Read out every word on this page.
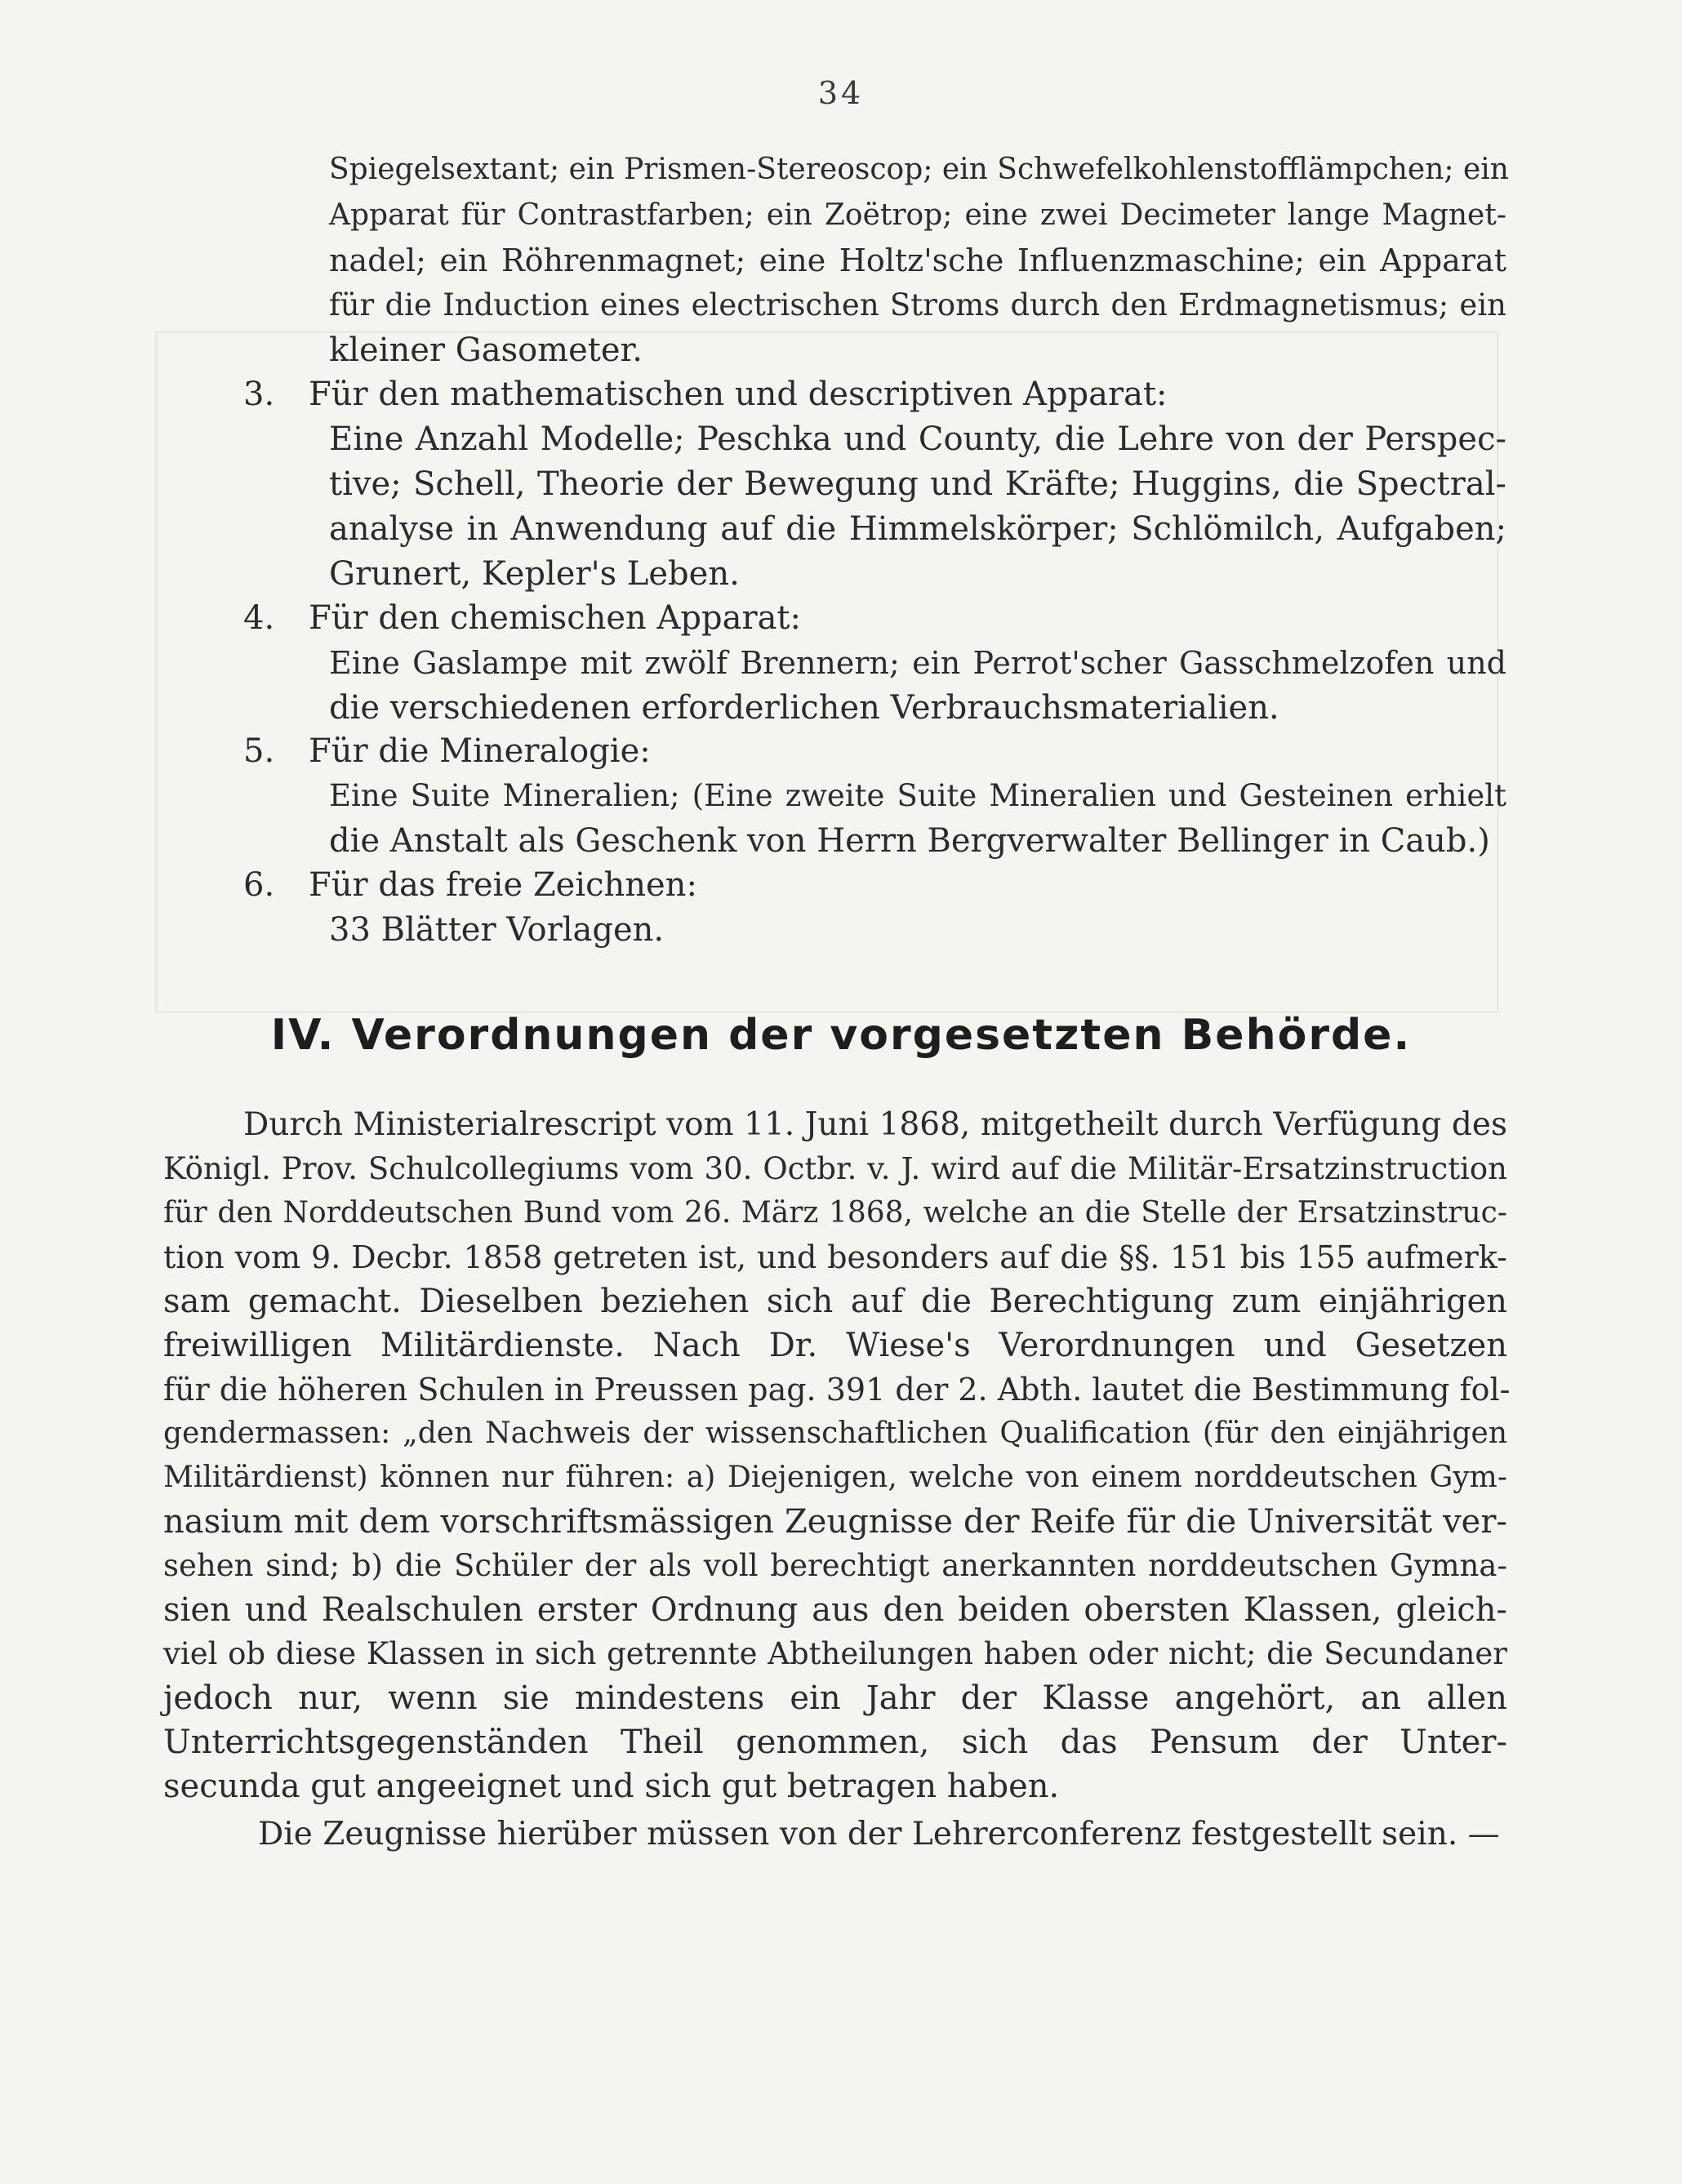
34
Spiegelsextant; ein Prismen-Stereoscop; ein Schwefelkohlenstofflämpchen; ein
Apparat für Contrastfarben; ein Zoëtrop; eine zwei Decimeter lange Magnet-
nadel; ein Röhrenmagnet; eine Holtz'sche Influenzmaschine; ein Apparat
für die Induction eines electrischen Stroms durch den Erdmagnetismus; ein
kleiner Gasometer.
3. Für den mathematischen und descriptiven Apparat:
Eine Anzahl Modelle; Peschka und County, die Lehre von der Perspec-
tive; Schell, Theorie der Bewegung und Kräfte; Huggins, die Spectral-
analyse in Anwendung auf die Himmelskörper; Schlömilch, Aufgaben;
Grunert, Kepler's Leben.
4. Für den chemischen Apparat:
Eine Gaslampe mit zwölf Brennern; ein Perrot'scher Gasschmelzofen und
die verschiedenen erforderlichen Verbrauchsmaterialien.
5. Für die Mineralogie:
Eine Suite Mineralien; (Eine zweite Suite Mineralien und Gesteinen erhielt
die Anstalt als Geschenk von Herrn Bergverwalter Bellinger in Caub.)
6. Für das freie Zeichnen:
33 Blätter Vorlagen.
IV. Verordnungen der vorgesetzten Behörde.
Durch Ministerialrescript vom 11. Juni 1868, mitgetheilt durch Verfügung des
Königl. Prov. Schulcollegiums vom 30. Octbr. v. J. wird auf die Militär-Ersatzinstruction
für den Norddeutschen Bund vom 26. März 1868, welche an die Stelle der Ersatzinstruc-
tion vom 9. Decbr. 1858 getreten ist, und besonders auf die §§. 151 bis 155 aufmerk-
sam gemacht. Dieselben beziehen sich auf die Berechtigung zum einjährigen
freiwilligen Militärdienste. Nach Dr. Wiese's Verordnungen und Gesetzen
für die höheren Schulen in Preussen pag. 391 der 2. Abth. lautet die Bestimmung fol-
gendermassen: „den Nachweis der wissenschaftlichen Qualification (für den einjährigen
Militärdienst) können nur führen: a) Diejenigen, welche von einem norddeutschen Gym-
nasium mit dem vorschriftsmässigen Zeugnisse der Reife für die Universität ver-
sehen sind; b) die Schüler der als voll berechtigt anerkannten norddeutschen Gymna-
sien und Realschulen erster Ordnung aus den beiden obersten Klassen, gleich-
viel ob diese Klassen in sich getrennte Abtheilungen haben oder nicht; die Secundaner
jedoch nur, wenn sie mindestens ein Jahr der Klasse angehört, an allen
Unterrichtsgegenständen Theil genommen, sich das Pensum der Unter-
secunda gut angeeignet und sich gut betragen haben.
Die Zeugnisse hierüber müssen von der Lehrerconferenz festgestellt sein. —
